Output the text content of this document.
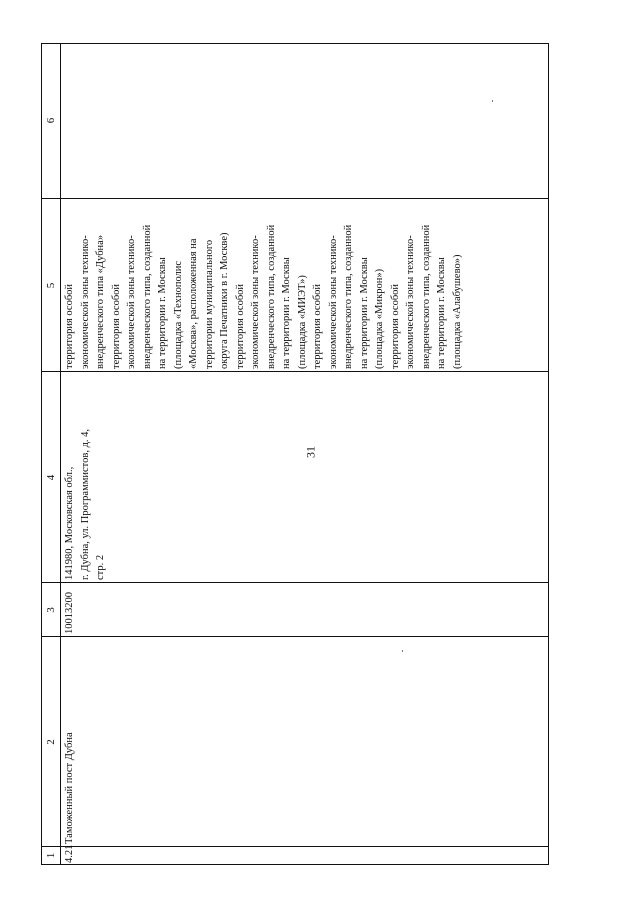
31
1
2
3
4
5
6
4.21
Таможенный пост Дубна
10013200
141980, Московская обл.,
г. Дубна, ул. Программистов, д. 4,
стр. 2
территория особой
экономической зоны технико-
внедренческого типа «Дубна»
территория особой
экономической зоны технико-
внедренческого типа, созданной
на территории г. Москвы
(площадка «Технополис
«Москва», расположенная на
территории муниципального
округа Печатники в г. Москве)
территория особой
экономической зоны технико-
внедренческого типа, созданной
на территории г. Москвы
(площадка «МИЭТ»)
территория особой
экономической зоны технико-
внедренческого типа, созданной
на территории г. Москвы
(площадка «Микрон»)
территория особой
экономической зоны технико-
внедренческого типа, созданной
на территории г. Москвы
(площадка «Алабушево»)
